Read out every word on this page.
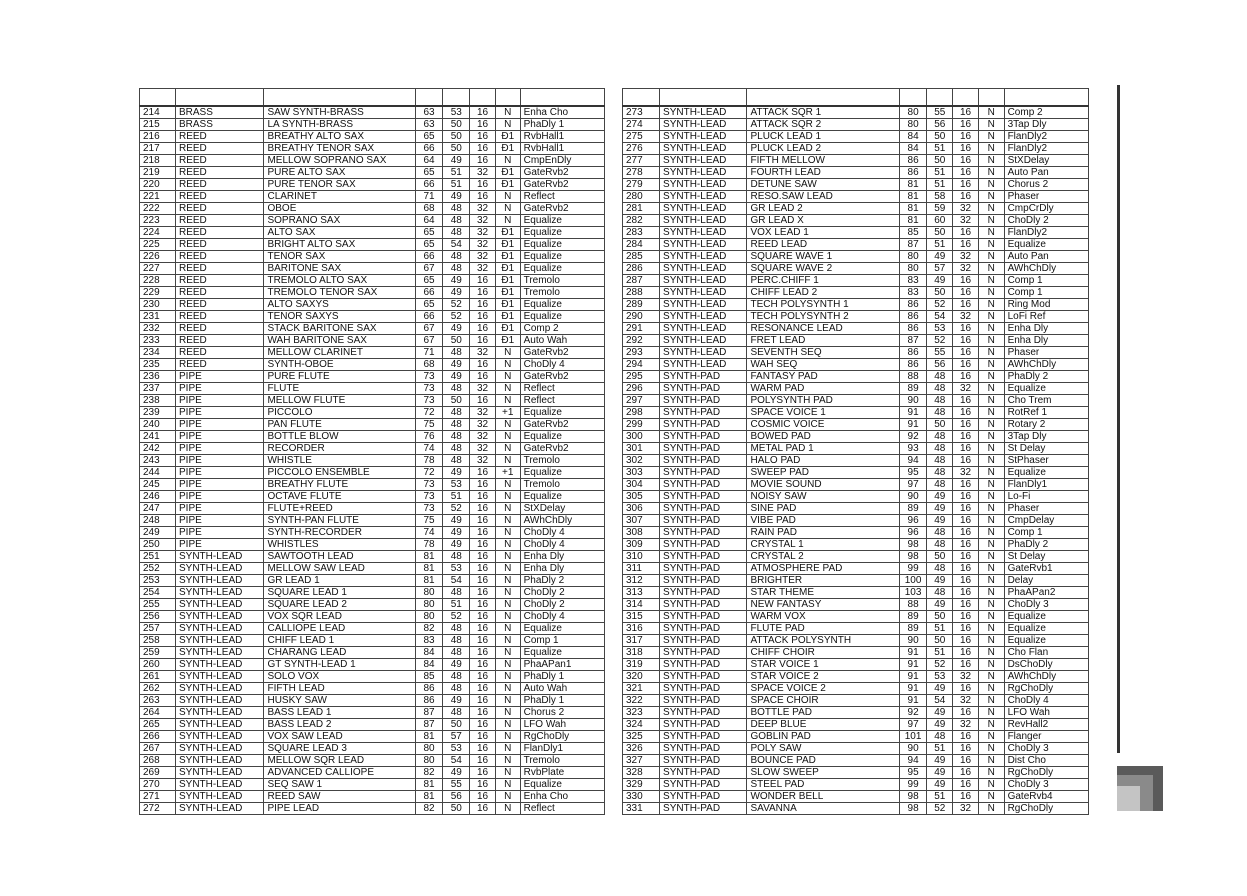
214	BRASS	SAW SYNTH-BRASS	63	53	16	N	Enha Cho
215	BRASS	LA SYNTH-BRASS	63	50	16	N	PhaDly 1
216	REED	BREATHY ALTO SAX	65	50	16	Ð1	RvbHall1
217	REED	BREATHY TENOR SAX	66	50	16	Ð1	RvbHall1
218	REED	MELLOW SOPRANO SAX	64	49	16	N	CmpEnDly
219	REED	PURE ALTO SAX	65	51	32	Ð1	GateRvb2
220	REED	PURE TENOR SAX	66	51	16	Ð1	GateRvb2
221	REED	CLARINET	71	49	16	N	Reflect
222	REED	OBOE	68	48	32	N	GateRvb2
223	REED	SOPRANO SAX	64	48	32	N	Equalize
224	REED	ALTO SAX	65	48	32	Ð1	Equalize
225	REED	BRIGHT ALTO SAX	65	54	32	Ð1	Equalize
226	REED	TENOR SAX	66	48	32	Ð1	Equalize
227	REED	BARITONE SAX	67	48	32	Ð1	Equalize
228	REED	TREMOLO ALTO SAX	65	49	16	Ð1	Tremolo
229	REED	TREMOLO TENOR SAX	66	49	16	Ð1	Tremolo
230	REED	ALTO SAXYS	65	52	16	Ð1	Equalize
231	REED	TENOR SAXYS	66	52	16	Ð1	Equalize
232	REED	STACK BARITONE SAX	67	49	16	Ð1	Comp 2
233	REED	WAH BARITONE SAX	67	50	16	Ð1	Auto Wah
234	REED	MELLOW CLARINET	71	48	32	N	GateRvb2
235	REED	SYNTH-OBOE	68	49	16	N	ChoDly 4
236	PIPE	PURE FLUTE	73	49	16	N	GateRvb2
237	PIPE	FLUTE	73	48	32	N	Reflect
238	PIPE	MELLOW FLUTE	73	50	16	N	Reflect
239	PIPE	PICCOLO	72	48	32	+1	Equalize
240	PIPE	PAN FLUTE	75	48	32	N	GateRvb2
241	PIPE	BOTTLE BLOW	76	48	32	N	Equalize
242	PIPE	RECORDER	74	48	32	N	GateRvb2
243	PIPE	WHISTLE	78	48	32	N	Tremolo
244	PIPE	PICCOLO ENSEMBLE	72	49	16	+1	Equalize
245	PIPE	BREATHY FLUTE	73	53	16	N	Tremolo
246	PIPE	OCTAVE FLUTE	73	51	16	N	Equalize
247	PIPE	FLUTE+REED	73	52	16	N	StXDelay
248	PIPE	SYNTH-PAN FLUTE	75	49	16	N	AWhChDly
249	PIPE	SYNTH-RECORDER	74	49	16	N	ChoDly 4
250	PIPE	WHISTLES	78	49	16	N	ChoDly 4
251	SYNTH-LEAD	SAWTOOTH LEAD	81	48	16	N	Enha Dly
252	SYNTH-LEAD	MELLOW SAW LEAD	81	53	16	N	Enha Dly
253	SYNTH-LEAD	GR LEAD 1	81	54	16	N	PhaDly 2
254	SYNTH-LEAD	SQUARE LEAD 1	80	48	16	N	ChoDly 2
255	SYNTH-LEAD	SQUARE LEAD 2	80	51	16	N	ChoDly 2
256	SYNTH-LEAD	VOX SQR LEAD	80	52	16	N	ChoDly 4
257	SYNTH-LEAD	CALLIOPE LEAD	82	48	16	N	Equalize
258	SYNTH-LEAD	CHIFF LEAD 1	83	48	16	N	Comp 1
259	SYNTH-LEAD	CHARANG LEAD	84	48	16	N	Equalize
260	SYNTH-LEAD	GT SYNTH-LEAD 1	84	49	16	N	PhaAPan1
261	SYNTH-LEAD	SOLO VOX	85	48	16	N	PhaDly 1
262	SYNTH-LEAD	FIFTH LEAD	86	48	16	N	Auto Wah
263	SYNTH-LEAD	HUSKY SAW	86	49	16	N	PhaDly 1
264	SYNTH-LEAD	BASS LEAD 1	87	48	16	N	Chorus 2
265	SYNTH-LEAD	BASS LEAD 2	87	50	16	N	LFO Wah
266	SYNTH-LEAD	VOX SAW LEAD	81	57	16	N	RgChoDly
267	SYNTH-LEAD	SQUARE LEAD 3	80	53	16	N	FlanDly1
268	SYNTH-LEAD	MELLOW SQR LEAD	80	54	16	N	Tremolo
269	SYNTH-LEAD	ADVANCED CALLIOPE	82	49	16	N	RvbPlate
270	SYNTH-LEAD	SEQ SAW 1	81	55	16	N	Equalize
271	SYNTH-LEAD	REED SAW	81	56	16	N	Enha Cho
272	SYNTH-LEAD	PIPE LEAD	82	50	16	N	Reflect

273	SYNTH-LEAD	ATTACK SQR 1	80	55	16	N	Comp 2
274	SYNTH-LEAD	ATTACK SQR 2	80	56	16	N	3Tap Dly
275	SYNTH-LEAD	PLUCK LEAD 1	84	50	16	N	FlanDly2
276	SYNTH-LEAD	PLUCK LEAD 2	84	51	16	N	FlanDly2
277	SYNTH-LEAD	FIFTH MELLOW	86	50	16	N	StXDelay
278	SYNTH-LEAD	FOURTH LEAD	86	51	16	N	Auto Pan
279	SYNTH-LEAD	DETUNE SAW	81	51	16	N	Chorus 2
280	SYNTH-LEAD	RESO.SAW LEAD	81	58	16	N	Phaser
281	SYNTH-LEAD	GR LEAD 2	81	59	32	N	CmpCrDly
282	SYNTH-LEAD	GR LEAD X	81	60	32	N	ChoDly 2
283	SYNTH-LEAD	VOX LEAD 1	85	50	16	N	FlanDly2
284	SYNTH-LEAD	REED LEAD	87	51	16	N	Equalize
285	SYNTH-LEAD	SQUARE WAVE 1	80	49	32	N	Auto Pan
286	SYNTH-LEAD	SQUARE WAVE 2	80	57	32	N	AWhChDly
287	SYNTH-LEAD	PERC.CHIFF 1	83	49	16	N	Comp 1
288	SYNTH-LEAD	CHIFF LEAD 2	83	50	16	N	Comp 1
289	SYNTH-LEAD	TECH POLYSYNTH 1	86	52	16	N	Ring Mod
290	SYNTH-LEAD	TECH POLYSYNTH 2	86	54	32	N	LoFi Ref
291	SYNTH-LEAD	RESONANCE LEAD	86	53	16	N	Enha Dly
292	SYNTH-LEAD	FRET LEAD	87	52	16	N	Enha Dly
293	SYNTH-LEAD	SEVENTH SEQ	86	55	16	N	Phaser
294	SYNTH-LEAD	WAH SEQ	86	56	16	N	AWhChDly
295	SYNTH-PAD	FANTASY PAD	88	48	16	N	PhaDly 2
296	SYNTH-PAD	WARM PAD	89	48	32	N	Equalize
297	SYNTH-PAD	POLYSYNTH PAD	90	48	16	N	Cho Trem
298	SYNTH-PAD	SPACE VOICE 1	91	48	16	N	RotRef 1
299	SYNTH-PAD	COSMIC VOICE	91	50	16	N	Rotary 2
300	SYNTH-PAD	BOWED PAD	92	48	16	N	3Tap Dly
301	SYNTH-PAD	METAL PAD 1	93	48	16	N	St Delay
302	SYNTH-PAD	HALO PAD	94	48	16	N	StPhaser
303	SYNTH-PAD	SWEEP PAD	95	48	32	N	Equalize
304	SYNTH-PAD	MOVIE SOUND	97	48	16	N	FlanDly1
305	SYNTH-PAD	NOISY SAW	90	49	16	N	Lo-Fi
306	SYNTH-PAD	SINE PAD	89	49	16	N	Phaser
307	SYNTH-PAD	VIBE PAD	96	49	16	N	CmpDelay
308	SYNTH-PAD	RAIN PAD	96	48	16	N	Comp 1
309	SYNTH-PAD	CRYSTAL 1	98	48	16	N	PhaDly 2
310	SYNTH-PAD	CRYSTAL 2	98	50	16	N	St Delay
311	SYNTH-PAD	ATMOSPHERE PAD	99	48	16	N	GateRvb1
312	SYNTH-PAD	BRIGHTER	100	49	16	N	Delay
313	SYNTH-PAD	STAR THEME	103	48	16	N	PhaAPan2
314	SYNTH-PAD	NEW FANTASY	88	49	16	N	ChoDly 3
315	SYNTH-PAD	WARM VOX	89	50	16	N	Equalize
316	SYNTH-PAD	FLUTE PAD	89	51	16	N	Equalize
317	SYNTH-PAD	ATTACK POLYSYNTH	90	50	16	N	Equalize
318	SYNTH-PAD	CHIFF CHOIR	91	51	16	N	Cho Flan
319	SYNTH-PAD	STAR VOICE 1	91	52	16	N	DsChoDly
320	SYNTH-PAD	STAR VOICE 2	91	53	32	N	AWhChDly
321	SYNTH-PAD	SPACE VOICE 2	91	49	16	N	RgChoDly
322	SYNTH-PAD	SPACE CHOIR	91	54	32	N	ChoDly 4
323	SYNTH-PAD	BOTTLE PAD	92	49	16	N	LFO Wah
324	SYNTH-PAD	DEEP BLUE	97	49	32	N	RevHall2
325	SYNTH-PAD	GOBLIN PAD	101	48	16	N	Flanger
326	SYNTH-PAD	POLY SAW	90	51	16	N	ChoDly 3
327	SYNTH-PAD	BOUNCE PAD	94	49	16	N	Dist Cho
328	SYNTH-PAD	SLOW SWEEP	95	49	16	N	RgChoDly
329	SYNTH-PAD	STEEL PAD	99	49	16	N	ChoDly 3
330	SYNTH-PAD	WONDER BELL	98	51	16	N	GateRvb4
331	SYNTH-PAD	SAVANNA	98	52	32	N	RgChoDly
